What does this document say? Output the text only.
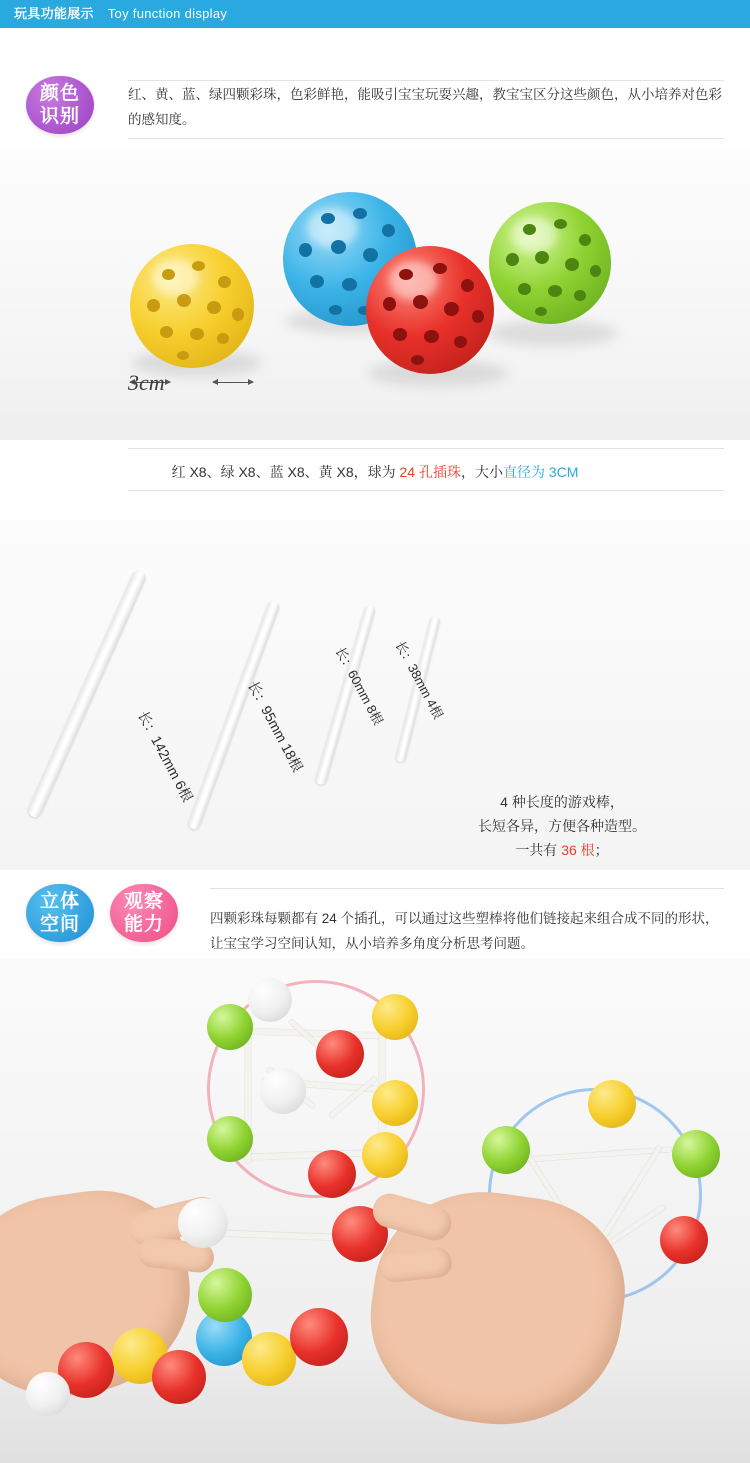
玩具功能展示 Toy function display
颜色
识别
红、黄、蓝、绿四颗彩珠，色彩鲜艳，能吸引宝宝玩耍兴趣，教宝宝区分这些颜色，从小培养对色彩的感知度。
3cm
红 X8、绿 X8、蓝 X8、黄 X8，球为 24 孔插珠，大小直径为 3CM
长：142mm 6根	长：95mm 18根 长：60mm 8根 长：38mm 4根
4 种长度的游戏棒，
长短各异，方便各种造型。
一共有 36 根；
立体
空间
观察
能力	四颗彩珠每颗都有 24 个插孔，可以通过这些塑棒将他们链接起来组合成不同的形状，让宝宝学习空间认知，从小培养多角度分析思考问题。
